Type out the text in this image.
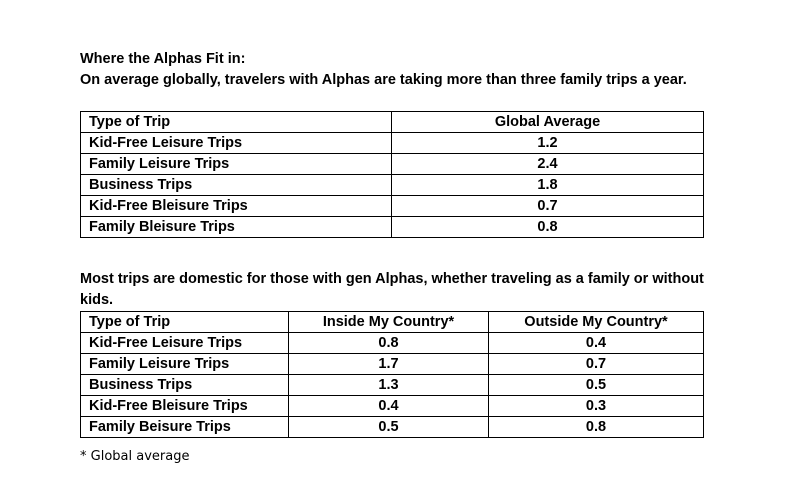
Where the Alphas Fit in:
On average globally, travelers with Alphas are taking more than three family trips a year.

Type of Trip	Global Average
Kid-Free Leisure Trips	1.2
Family Leisure Trips	2.4
Business Trips	1.8
Kid-Free Bleisure Trips	0.7
Family Bleisure Trips	0.8

Most trips are domestic for those with gen Alphas, whether traveling as a family or without kids.

Type of Trip	Inside My Country*	Outside My Country*
Kid-Free Leisure Trips	0.8	0.4
Family Leisure Trips	1.7	0.7
Business Trips	1.3	0.5
Kid-Free Bleisure Trips	0.4	0.3
Family Beisure Trips	0.5	0.8

* Global average
